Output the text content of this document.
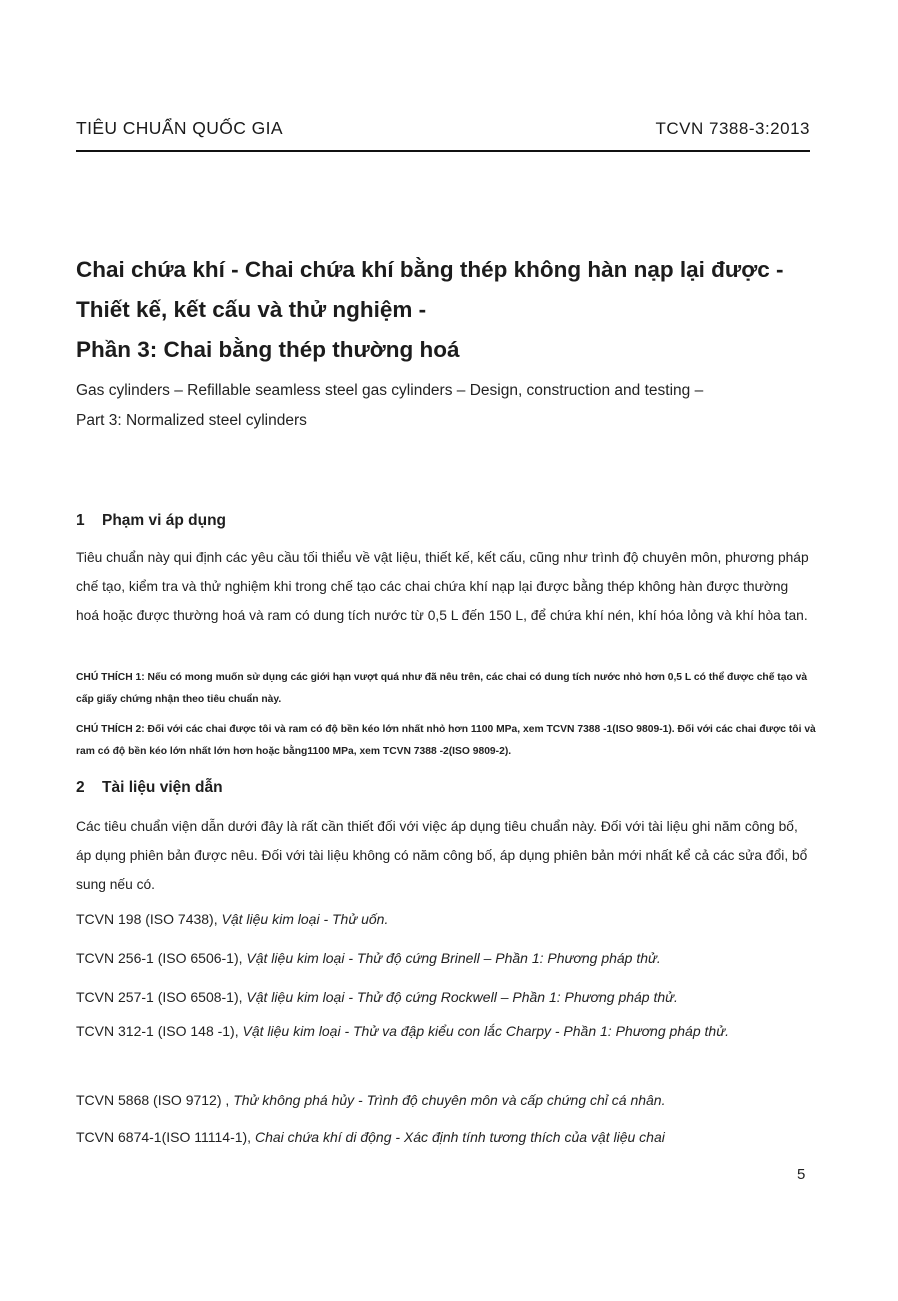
TIÊU CHUẨN QUỐC GIA	TCVN 7388-3:2013
Chai chứa khí - Chai chứa khí bằng thép không hàn nạp lại được -
Thiết kế, kết cấu và thử nghiệm -
Phần 3: Chai bằng thép thường hoá
Gas cylinders – Refillable seamless steel gas cylinders – Design, construction and testing –
Part 3: Normalized steel cylinders
1 Phạm vi áp dụng
Tiêu chuẩn này qui định các yêu cầu tối thiểu về vật liệu, thiết kế, kết cấu, cũng như trình độ chuyên môn, phương pháp chế tạo, kiểm tra và thử nghiệm khi trong chế tạo các chai chứa khí nạp lại được bằng thép không hàn được thường hoá hoặc được thường hoá và ram có dung tích nước từ 0,5 L đến 150 L, để chứa khí nén, khí hóa lỏng và khí hòa tan.
CHÚ THÍCH 1: Nếu có mong muốn sử dụng các giới hạn vượt quá như đã nêu trên, các chai có dung tích nước nhỏ hơn 0,5 L có thể được chế tạo và cấp giấy chứng nhận theo tiêu chuẩn này.
CHÚ THÍCH 2: Đối với các chai được tôi và ram có độ bền kéo lớn nhất nhỏ hơn 1100 MPa, xem TCVN 7388 -1(ISO 9809-1). Đối với các chai được tôi và ram có độ bền kéo lớn nhất lớn hơn hoặc bằng1100 MPa, xem TCVN 7388 -2(ISO 9809-2).
2 Tài liệu viện dẫn
Các tiêu chuẩn viện dẫn dưới đây là rất cần thiết đối với việc áp dụng tiêu chuẩn này. Đối với tài liệu ghi năm công bố, áp dụng phiên bản được nêu. Đối với tài liệu không có năm công bố, áp dụng phiên bản mới nhất kể cả các sửa đổi, bổ sung nếu có.
TCVN 198 (ISO 7438), Vật liệu kim loại - Thử uốn.
TCVN 256-1 (ISO 6506-1), Vật liệu kim loại - Thử độ cứng Brinell – Phần 1: Phương pháp thử.
TCVN 257-1 (ISO 6508-1), Vật liệu kim loại - Thử độ cứng Rockwell – Phần 1: Phương pháp thử.
TCVN 312-1 (ISO 148 -1), Vật liệu kim loại - Thử va đập kiểu con lắc Charpy - Phần 1: Phương pháp thử.
TCVN 5868 (ISO 9712) , Thử không phá hủy - Trình độ chuyên môn và cấp chứng chỉ cá nhân.
TCVN 6874-1(ISO 11114-1), Chai chứa khí di động - Xác định tính tương thích của vật liệu chai
5
